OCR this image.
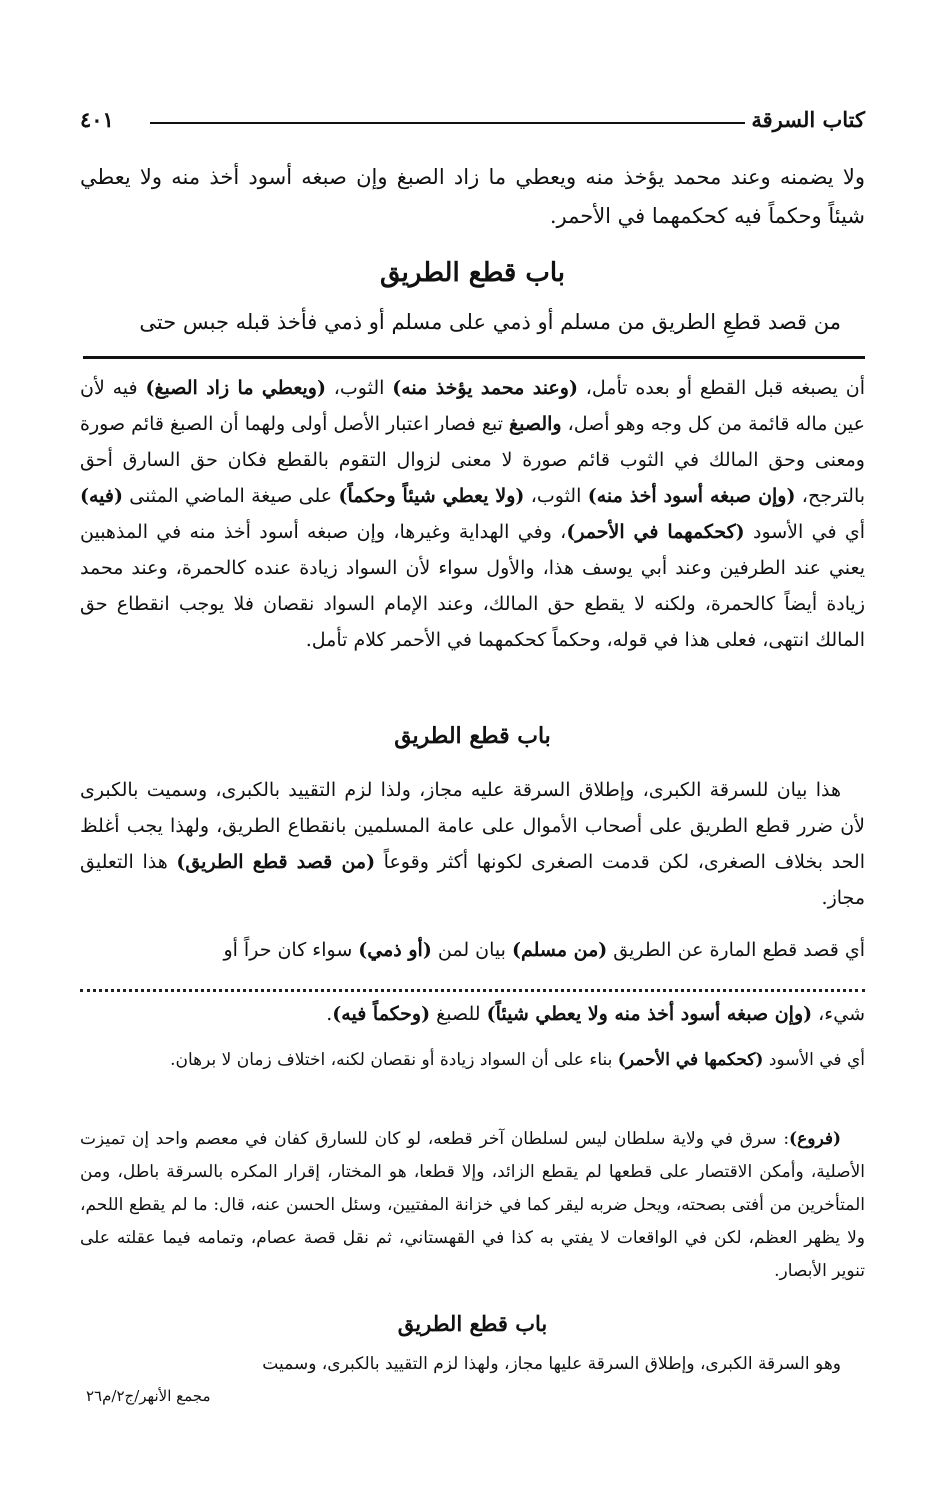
كتاب السرقة
٤٠١

ولا يضمنه وعند محمد يؤخذ منه ويعطي ما زاد الصبغ وإن صبغه أسود أخذ منه ولا يعطي شيئاً وحكماً فيه كحكمهما في الأحمر.

باب قطع الطريق

من قصد قطعِ الطريق من مسلم أو ذمي على مسلم أو ذمي فأخذ قبله جبس حتى

أن يصبغه قبل القطع أو بعده تأمل، (وعند محمد يؤخذ منه) الثوب، (ويعطي ما زاد الصبغ) فيه لأن عين ماله قائمة من كل وجه وهو أصل، والصبغ تبع فصار اعتبار الأصل أولى ولهما أن الصبغ قائم صورة ومعنى وحق المالك في الثوب قائم صورة لا معنى لزوال التقوم بالقطع فكان حق السارق أحق بالترجح، (وإن صبغه أسود أخذ منه) الثوب، (ولا يعطي شيئاً وحكماً) على صيغة الماضي المثنى (فيه) أي في الأسود (كحكمهما في الأحمر)، وفي الهداية وغيرها، وإن صبغه أسود أخذ منه في المذهبين يعني عند الطرفين وعند أبي يوسف هذا، والأول سواء لأن السواد زيادة عنده كالحمرة، وعند محمد زيادة أيضاً كالحمرة، ولكنه لا يقطع حق المالك، وعند الإمام السواد نقصان فلا يوجب انقطاع حق المالك انتهى، فعلى هذا في قوله، وحكماً كحكمهما في الأحمر كلام تأمل.

باب قطع الطريق

هذا بيان للسرقة الكبرى، وإطلاق السرقة عليه مجاز، ولذا لزم التقييد بالكبرى، وسميت بالكبرى لأن ضرر قطع الطريق على أصحاب الأموال على عامة المسلمين بانقطاع الطريق، ولهذا يجب أغلظ الحد بخلاف الصغرى، لكن قدمت الصغرى لكونها أكثر وقوعاً (من قصد قطع الطريق) هذا التعليق مجاز.

أي قصد قطع المارة عن الطريق (من مسلم) بيان لمن (أو ذمي) سواء كان حراً أو

شيء، (وإن صبغه أسود أخذ منه ولا يعطي شيئاً) للصبغ (وحكماً فيه).

أي في الأسود (كحكمها في الأحمر) بناء على أن السواد زيادة أو نقصان لكنه، اختلاف زمان لا برهان.

(فروع): سرق في ولاية سلطان ليس لسلطان آخر قطعه، لو كان للسارق كفان في معصم واحد إن تميزت الأصلية، وأمكن الاقتصار على قطعها لم يقطع الزائد، وإلا قطعا، هو المختار، إقرار المكره بالسرقة باطل، ومن المتأخرين من أفتى بصحته، ويحل ضربه ليقر كما في خزانة المفتيين، وسئل الحسن عنه، قال: ما لم يقطع اللحم، ولا يظهر العظم، لكن في الواقعات لا يفتي به كذا في القهستاني، ثم نقل قصة عصام، وتمامه فيما عقلته على تنوير الأبصار.

باب قطع الطريق

وهو السرقة الكبرى، وإطلاق السرقة عليها مجاز، ولهذا لزم التقييد بالكبرى، وسميت

مجمع الأنهر/ج٢/م٢٦
